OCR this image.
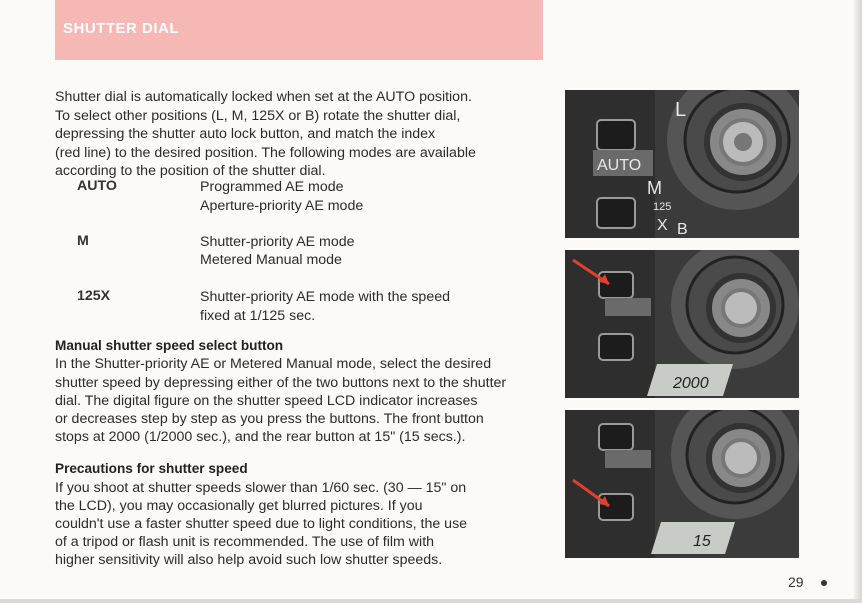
SHUTTER DIAL

Shutter dial is automatically locked when set at the AUTO position.

To select other positions (L, M, 125X or B) rotate the shutter dial,

depressing the shutter auto lock button, and match the index

(red line) to the desired position. The following modes are available

according to the position of the shutter dial.

AUTO	Programmed AE mode
Aperture-priority AE mode
M	Shutter-priority AE mode
Metered Manual mode
125X	Shutter-priority AE mode with the speed
fixed at 1/125 sec.
Manual shutter speed select button

In the Shutter-priority AE or Metered Manual mode, select the desired

shutter speed by depressing either of the two buttons next to the shutter

dial. The digital figure on the shutter speed LCD indicator increases

or decreases step by step as you press the buttons. The front button

stops at 2000 (1/2000 sec.), and the rear button at 15" (15 secs.).

Precautions for shutter speed

If you shoot at shutter speeds slower than 1/60 sec. (30 — 15" on

the LCD), you may occasionally get blurred pictures. If you

couldn't use a faster shutter speed due to light conditions, the use

of a tripod or flash unit is recommended. The use of film with

higher sensitivity will also help avoid such low shutter speeds.

L
AUTO
M
125
X B
2000
15
29
